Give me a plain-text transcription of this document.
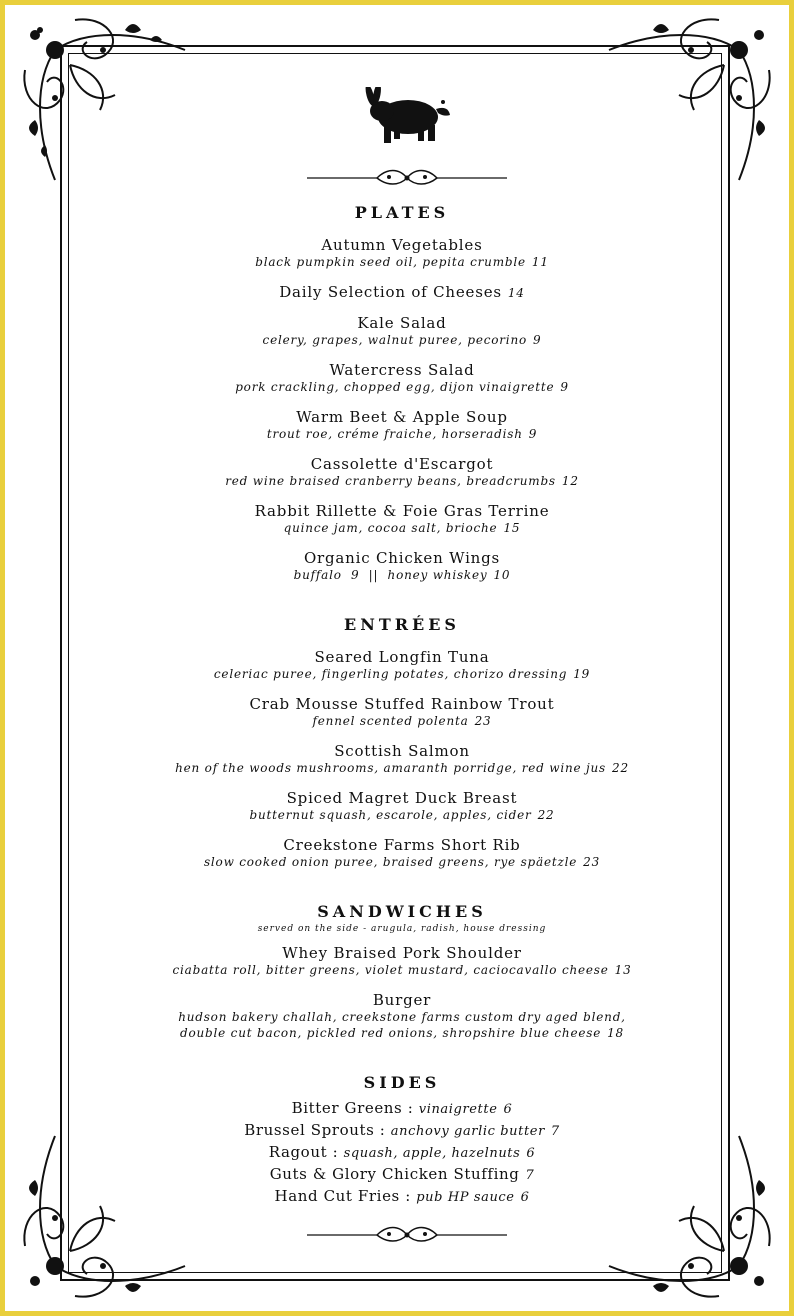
PLATES
Autumn Vegetables
black pumpkin seed oil, pepita crumble 11
Daily Selection of Cheeses 14
Kale Salad
celery, grapes, walnut puree, pecorino 9
Watercress Salad
pork crackling, chopped egg, dijon vinaigrette 9
Warm Beet & Apple Soup
trout roe, créme fraiche, horseradish 9
Cassolette d'Escargot
red wine braised cranberry beans, breadcrumbs 12
Rabbit Rillette & Foie Gras Terrine
quince jam, cocoa salt, brioche 15
Organic Chicken Wings
buffalo  9  ||  honey whiskey 10
ENTRÉES
Seared Longfin Tuna
celeriac puree, fingerling potates, chorizo dressing 19
Crab Mousse Stuffed Rainbow Trout
fennel scented polenta 23
Scottish Salmon
hen of the woods mushrooms, amaranth porridge, red wine jus 22
Spiced Magret Duck Breast
butternut squash, escarole, apples, cider 22
Creekstone Farms Short Rib
slow cooked onion puree, braised greens, rye späetzle 23
SANDWICHES
served on the side - arugula, radish, house dressing
Whey Braised Pork Shoulder
ciabatta roll, bitter greens, violet mustard, caciocavallo cheese 13
Burger
hudson bakery challah, creekstone farms custom dry aged blend,
double cut bacon, pickled red onions, shropshire blue cheese 18
SIDES
Bitter Greens : vinaigrette 6
Brussel Sprouts : anchovy garlic butter 7
Ragout : squash, apple, hazelnuts 6
Guts & Glory Chicken Stuffing 7
Hand Cut Fries : pub HP sauce 6
